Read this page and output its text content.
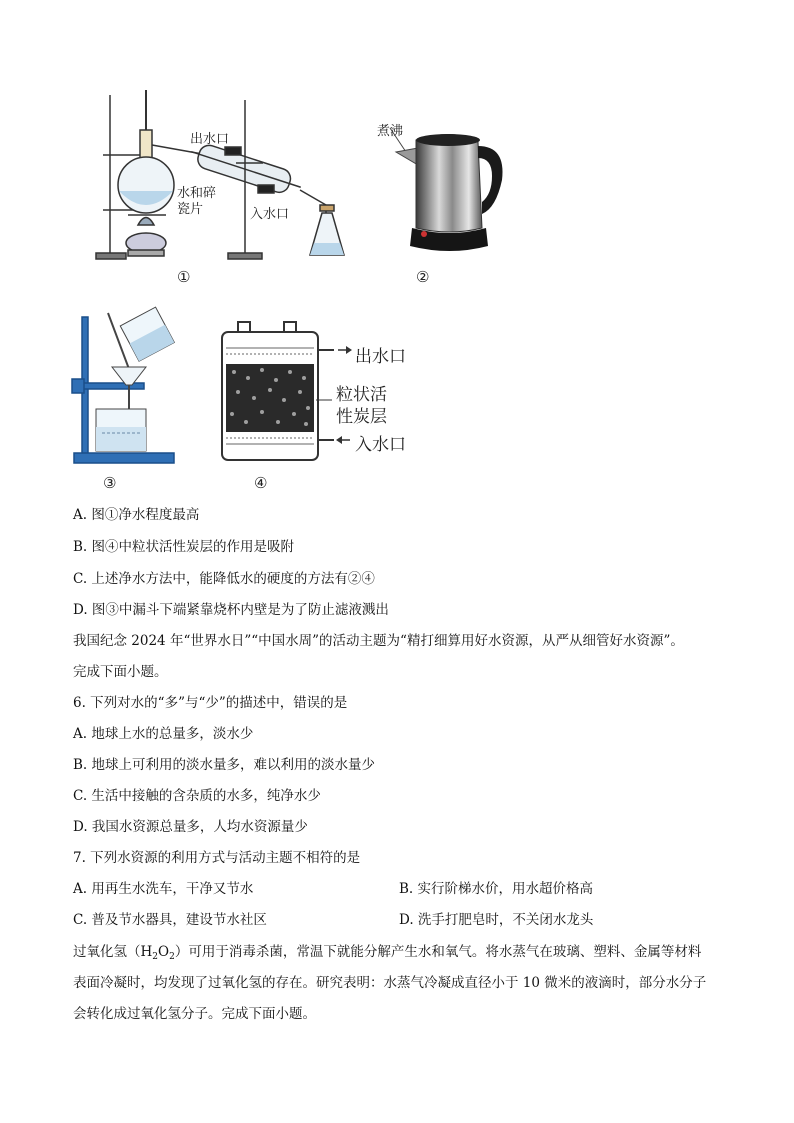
出水口
水和碎
瓷片	入水口
①
煮沸
②
③
出水口
粒状活
性炭层
入水口
④
A. 图①净水程度最高
B. 图④中粒状活性炭层的作用是吸附
C. 上述净水方法中，能降低水的硬度的方法有②④
D. 图③中漏斗下端紧靠烧杯内壁是为了防止滤液溅出
我国纪念 2024 年“世界水日”“中国水周”的活动主题为“精打细算用好水资源，从严从细管好水资源”。
完成下面小题。
6. 下列对水的“多”与“少”的描述中，错误的是
A. 地球上水的总量多，淡水少
B. 地球上可利用的淡水量多，难以利用的淡水量少
C. 生活中接触的含杂质的水多，纯净水少
D. 我国水资源总量多，人均水资源量少
7. 下列水资源的利用方式与活动主题不相符的是
A. 用再生水洗车，干净又节水	B. 实行阶梯水价，用水超价格高
C. 普及节水器具，建设节水社区	D. 洗手打肥皂时，不关闭水龙头
过氧化氢$(H_2O_2)$可用于消毒杀菌，常温下就能分解产生水和氧气。将水蒸气在玻璃、塑料、金属等材料
表面冷凝时，均发现了过氧化氢的存在。研究表明：水蒸气冷凝成直径小于 10 微米的液滴时，部分水分子
会转化成过氧化氢分子。完成下面小题。
